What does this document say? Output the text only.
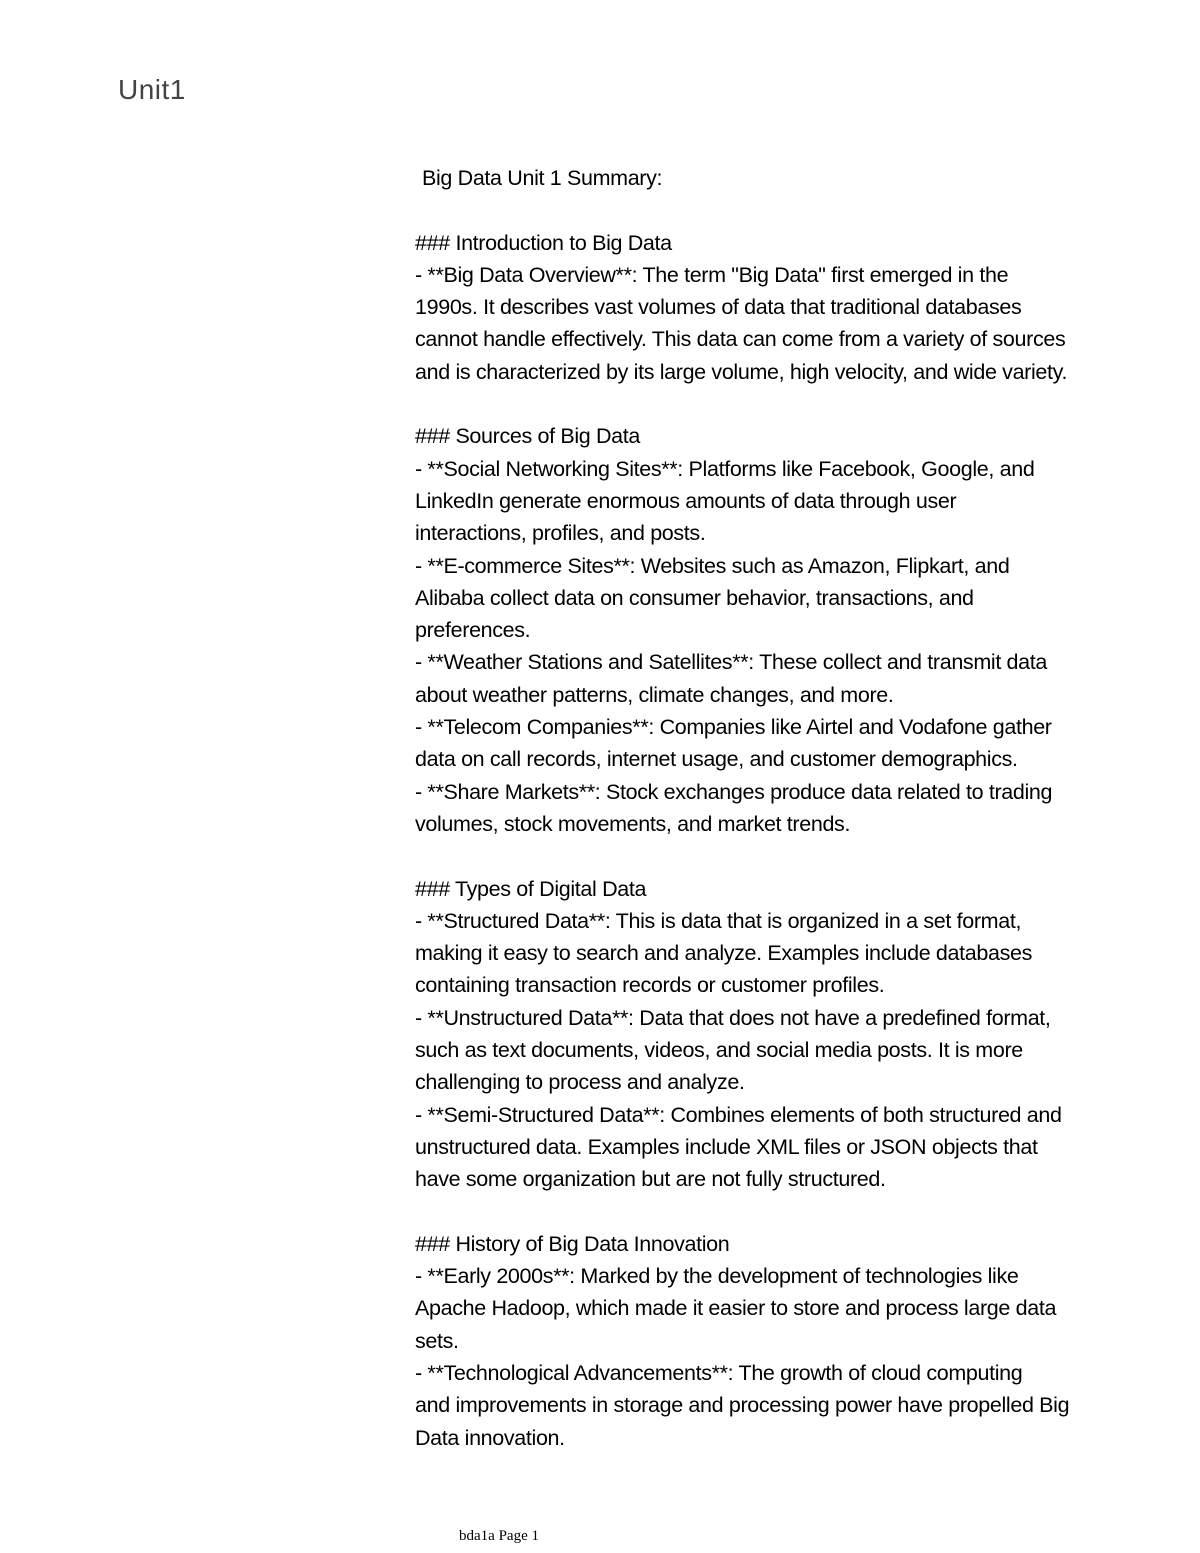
Unit1
Big Data Unit 1 Summary:
### Introduction to Big Data
- **Big Data Overview**: The term "Big Data" first emerged in the
1990s. It describes vast volumes of data that traditional databases
cannot handle effectively. This data can come from a variety of sources
and is characterized by its large volume, high velocity, and wide variety.
### Sources of Big Data
- **Social Networking Sites**: Platforms like Facebook, Google, and
LinkedIn generate enormous amounts of data through user
interactions, profiles, and posts.
- **E-commerce Sites**: Websites such as Amazon, Flipkart, and
Alibaba collect data on consumer behavior, transactions, and
preferences.
- **Weather Stations and Satellites**: These collect and transmit data
about weather patterns, climate changes, and more.
- **Telecom Companies**: Companies like Airtel and Vodafone gather
data on call records, internet usage, and customer demographics.
- **Share Markets**: Stock exchanges produce data related to trading
volumes, stock movements, and market trends.
### Types of Digital Data
- **Structured Data**: This is data that is organized in a set format,
making it easy to search and analyze. Examples include databases
containing transaction records or customer profiles.
- **Unstructured Data**: Data that does not have a predefined format,
such as text documents, videos, and social media posts. It is more
challenging to process and analyze.
- **Semi-Structured Data**: Combines elements of both structured and
unstructured data. Examples include XML files or JSON objects that
have some organization but are not fully structured.
### History of Big Data Innovation
- **Early 2000s**: Marked by the development of technologies like
Apache Hadoop, which made it easier to store and process large data
sets.
- **Technological Advancements**: The growth of cloud computing
and improvements in storage and processing power have propelled Big
Data innovation.
bda1a Page 1
